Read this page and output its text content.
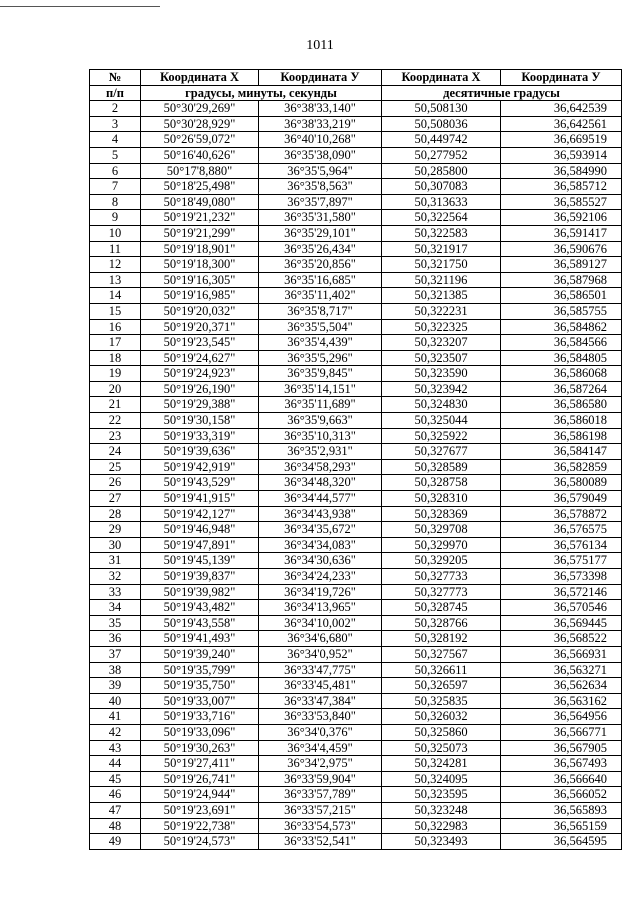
1011
№	Координата X	Координата У	Координата X	Координата У
п/п	градусы, минуты, секунды		десятичные градусы	
2	50°30'29,269"	36°38'33,140"	50,508130	36,642539
3	50°30'28,929"	36°38'33,219"	50,508036	36,642561
4	50°26'59,072"	36°40'10,268"	50,449742	36,669519
5	50°16'40,626"	36°35'38,090"	50,277952	36,593914
6	50°17'8,880"	36°35'5,964"	50,285800	36,584990
7	50°18'25,498"	36°35'8,563"	50,307083	36,585712
8	50°18'49,080"	36°35'7,897"	50,313633	36,585527
9	50°19'21,232"	36°35'31,580"	50,322564	36,592106
10	50°19'21,299"	36°35'29,101"	50,322583	36,591417
11	50°19'18,901"	36°35'26,434"	50,321917	36,590676
12	50°19'18,300"	36°35'20,856"	50,321750	36,589127
13	50°19'16,305"	36°35'16,685"	50,321196	36,587968
14	50°19'16,985"	36°35'11,402"	50,321385	36,586501
15	50°19'20,032"	36°35'8,717"	50,322231	36,585755
16	50°19'20,371"	36°35'5,504"	50,322325	36,584862
17	50°19'23,545"	36°35'4,439"	50,323207	36,584566
18	50°19'24,627"	36°35'5,296"	50,323507	36,584805
19	50°19'24,923"	36°35'9,845"	50,323590	36,586068
20	50°19'26,190"	36°35'14,151"	50,323942	36,587264
21	50°19'29,388"	36°35'11,689"	50,324830	36,586580
22	50°19'30,158"	36°35'9,663"	50,325044	36,586018
23	50°19'33,319"	36°35'10,313"	50,325922	36,586198
24	50°19'39,636"	36°35'2,931"	50,327677	36,584147
25	50°19'42,919"	36°34'58,293"	50,328589	36,582859
26	50°19'43,529"	36°34'48,320"	50,328758	36,580089
27	50°19'41,915"	36°34'44,577"	50,328310	36,579049
28	50°19'42,127"	36°34'43,938"	50,328369	36,578872
29	50°19'46,948"	36°34'35,672"	50,329708	36,576575
30	50°19'47,891"	36°34'34,083"	50,329970	36,576134
31	50°19'45,139"	36°34'30,636"	50,329205	36,575177
32	50°19'39,837"	36°34'24,233"	50,327733	36,573398
33	50°19'39,982"	36°34'19,726"	50,327773	36,572146
34	50°19'43,482"	36°34'13,965"	50,328745	36,570546
35	50°19'43,558"	36°34'10,002"	50,328766	36,569445
36	50°19'41,493"	36°34'6,680"	50,328192	36,568522
37	50°19'39,240"	36°34'0,952"	50,327567	36,566931
38	50°19'35,799"	36°33'47,775"	50,326611	36,563271
39	50°19'35,750"	36°33'45,481"	50,326597	36,562634
40	50°19'33,007"	36°33'47,384"	50,325835	36,563162
41	50°19'33,716"	36°33'53,840"	50,326032	36,564956
42	50°19'33,096"	36°34'0,376"	50,325860	36,566771
43	50°19'30,263"	36°34'4,459"	50,325073	36,567905
44	50°19'27,411"	36°34'2,975"	50,324281	36,567493
45	50°19'26,741"	36°33'59,904"	50,324095	36,566640
46	50°19'24,944"	36°33'57,789"	50,323595	36,566052
47	50°19'23,691"	36°33'57,215"	50,323248	36,565893
48	50°19'22,738"	36°33'54,573"	50,322983	36,565159
49	50°19'24,573"	36°33'52,541"	50,323493	36,564595
